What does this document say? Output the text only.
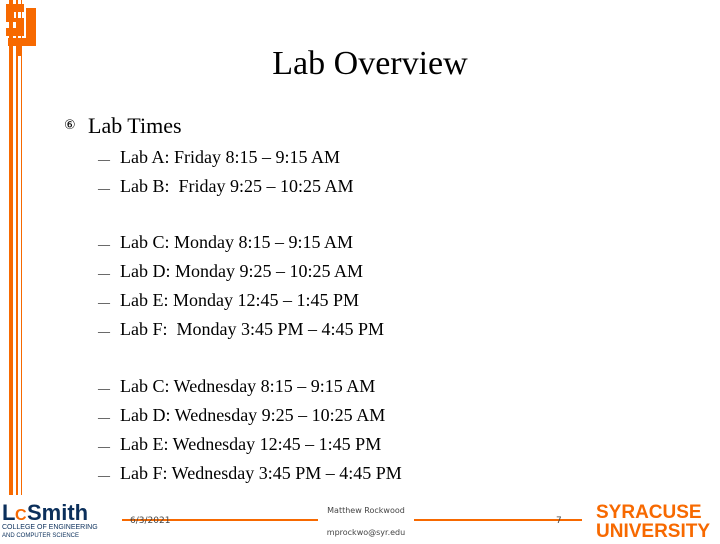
Lab Overview
⑥ Lab Times
— Lab A: Friday 8:15 – 9:15 AM
— Lab B:  Friday 9:25 – 10:25 AM
— Lab C: Monday 8:15 – 9:15 AM
— Lab D: Monday 9:25 – 10:25 AM
— Lab E: Monday 12:45 – 1:45 PM
— Lab F:  Monday 3:45 PM – 4:45 PM
— Lab C: Wednesday 8:15 – 9:15 AM
— Lab D: Wednesday 9:25 – 10:25 AM
— Lab E: Wednesday 12:45 – 1:45 PM
— Lab F: Wednesday 3:45 PM – 4:45 PM
L C Smith
COLLEGE OF ENGINEERING
AND COMPUTER SCIENCE
6/3/2021
Matthew Rockwood
mprockwo@syr.edu
7 SYRACUSE
UNIVERSITY
